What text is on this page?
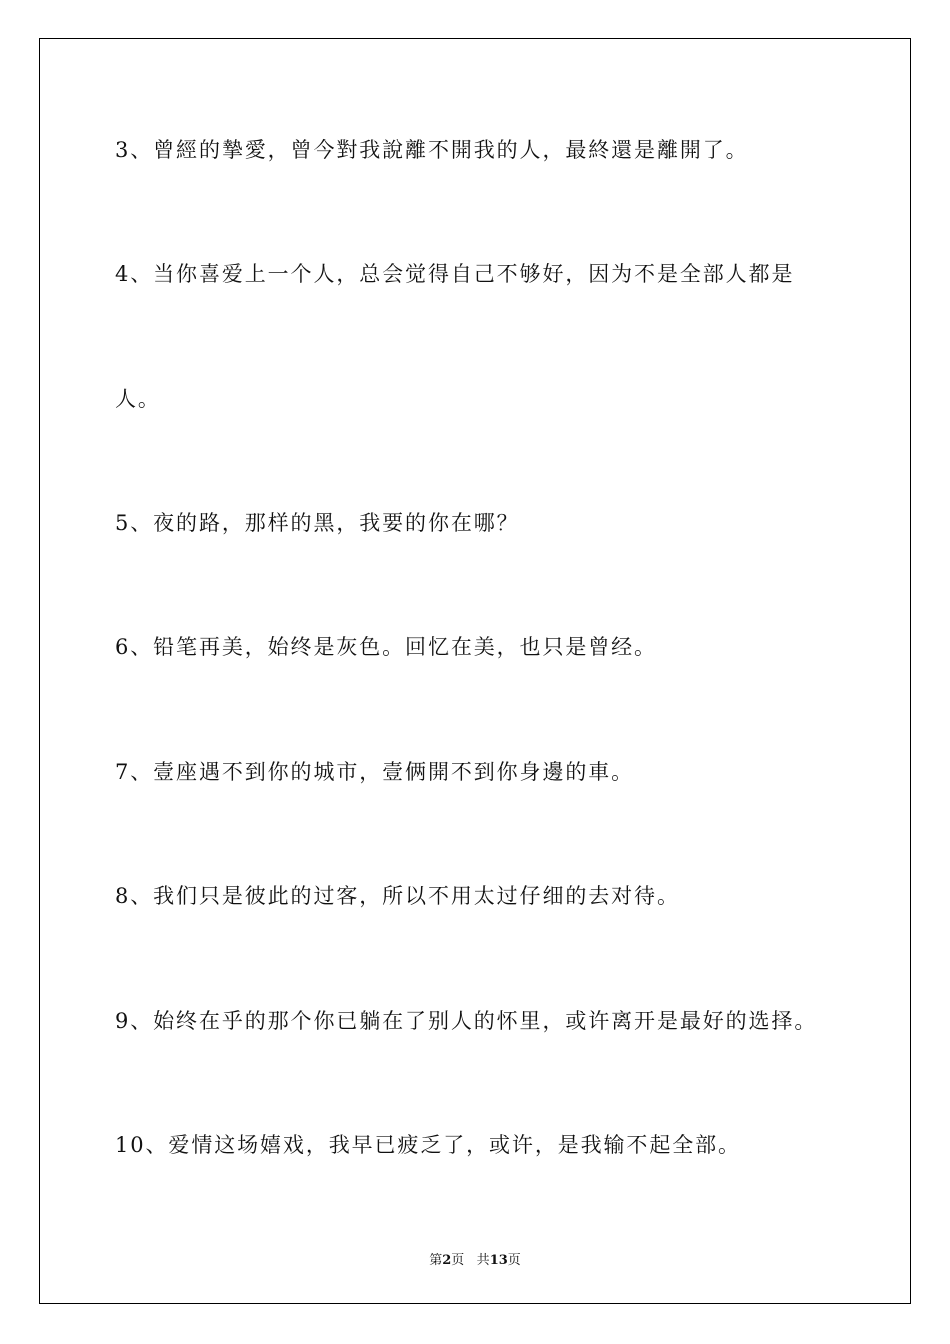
3、曾經的摯愛，曾今對我說離不開我的人，最終還是離開了。
4、当你喜爱上一个人，总会觉得自己不够好，因为不是全部人都是
人。
5、夜的路，那样的黑，我要的你在哪？
6、铅笔再美，始终是灰色。回忆在美，也只是曾经。
7、壹座遇不到你的城市，壹俩開不到你身邊的車。
8、我们只是彼此的过客，所以不用太过仔细的去对待。
9、始终在乎的那个你已躺在了别人的怀里，或许离开是最好的选择。
10、爱情这场嬉戏，我早已疲乏了，或许，是我输不起全部。
第2页 共13页
